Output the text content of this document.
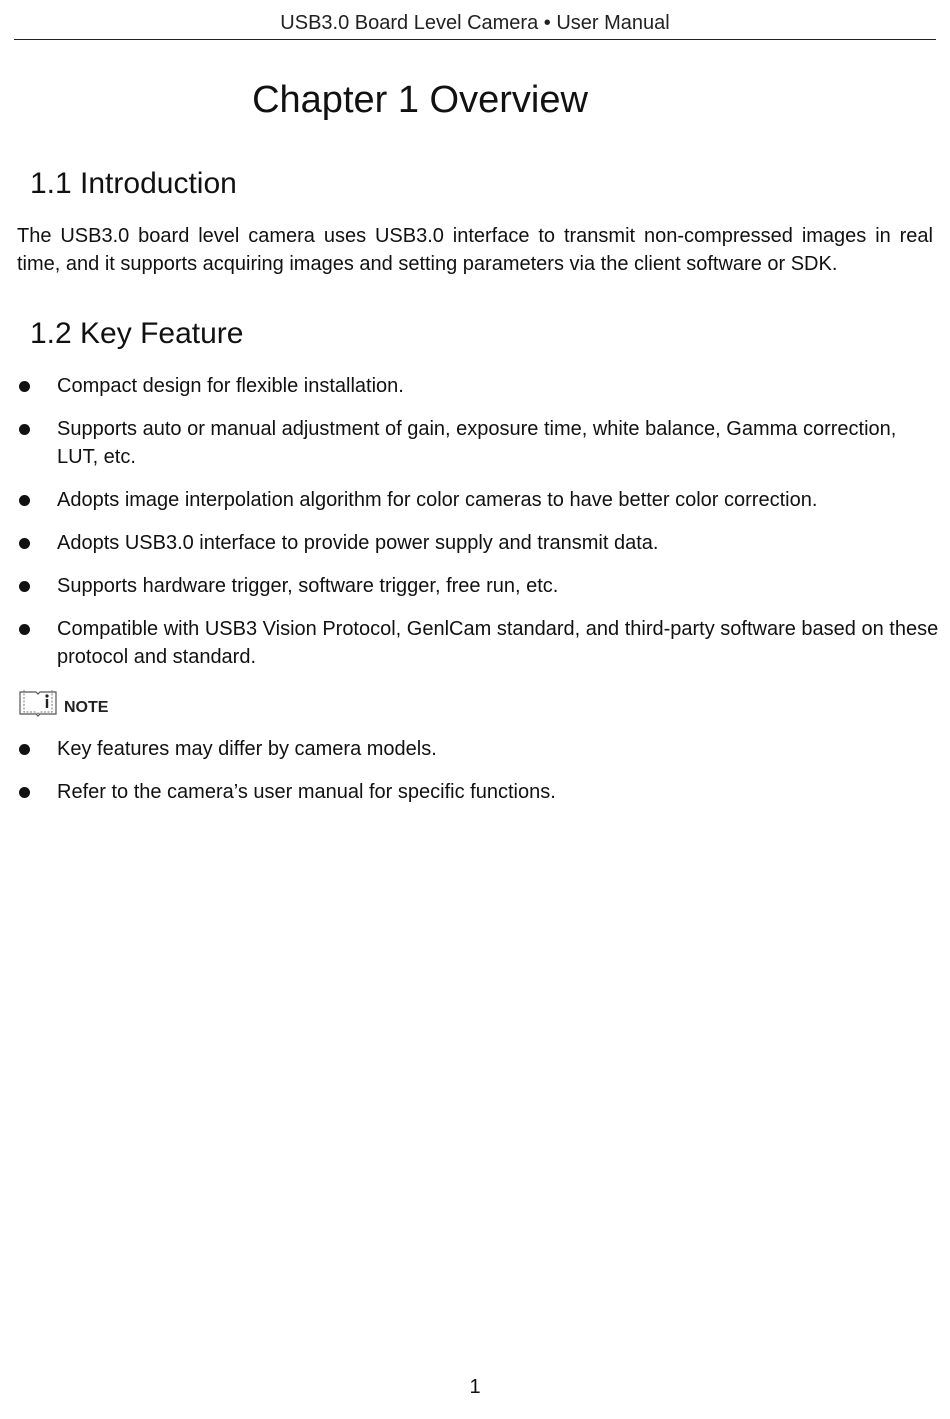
USB3.0 Board Level Camera • User Manual
Chapter 1 Overview
1.1 Introduction
The USB3.0 board level camera uses USB3.0 interface to transmit non-compressed images in real time, and it supports acquiring images and setting parameters via the client software or SDK.
1.2 Key Feature
Compact design for flexible installation.
Supports auto or manual adjustment of gain, exposure time, white balance, Gamma correction, LUT, etc.
Adopts image interpolation algorithm for color cameras to have better color correction.
Adopts USB3.0 interface to provide power supply and transmit data.
Supports hardware trigger, software trigger, free run, etc.
Compatible with USB3 Vision Protocol, GenlCam standard, and third-party software based on these protocol and standard.
NOTE
Key features may differ by camera models.
Refer to the camera’s user manual for specific functions.
1
